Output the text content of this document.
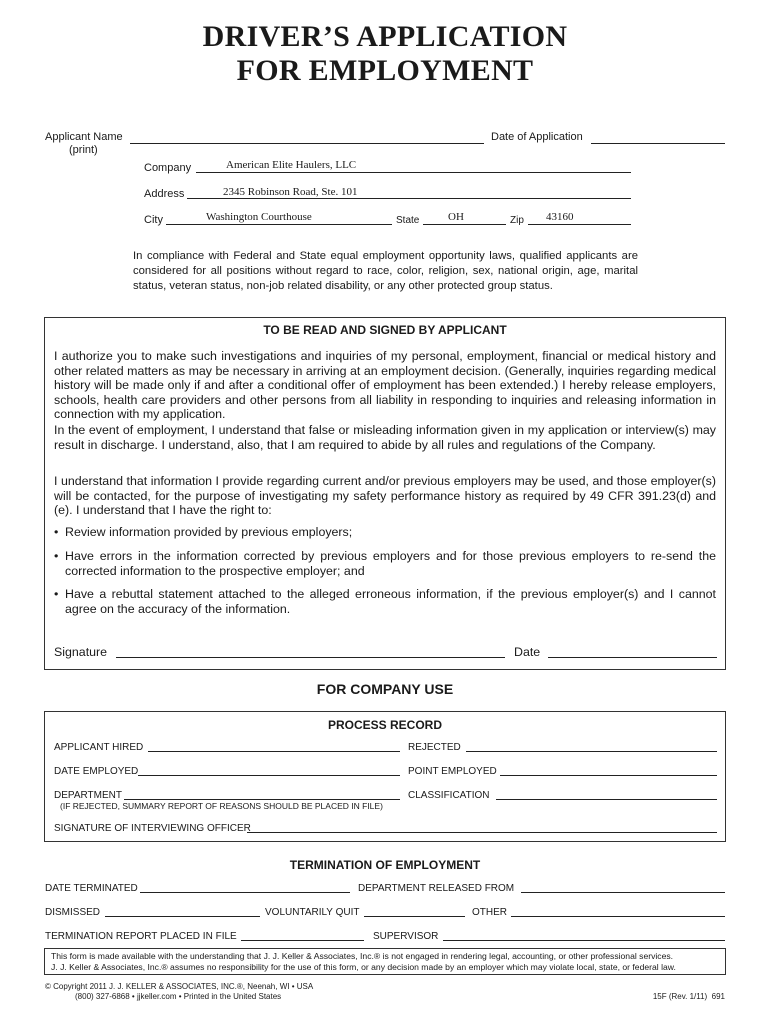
DRIVER’S APPLICATION
FOR EMPLOYMENT
Applicant Name
(print)
Date of Application
Company	American Elite Haulers, LLC
Address	2345 Robinson Road, Ste. 101
City	Washington Courthouse	State	OH	Zip 43160
In compliance with Federal and State equal employment opportunity laws, qualified applicants are considered for all positions without regard to race, color, religion, sex, national origin, age, marital status, veteran status, non-job related disability, or any other protected group status.
TO BE READ AND SIGNED BY APPLICANT
I authorize you to make such investigations and inquiries of my personal, employment, financial or medical history and other related matters as may be necessary in arriving at an employment decision. (Generally, inquiries regarding medical history will be made only if and after a conditional offer of employment has been extended.) I hereby release employers, schools, health care providers and other persons from all liability in responding to inquiries and releasing information in connection with my application.
In the event of employment, I understand that false or misleading information given in my application or interview(s) may result in discharge. I understand, also, that I am required to abide by all rules and regulations of the Company.
I understand that information I provide regarding current and/or previous employers may be used, and those employer(s) will be contacted, for the purpose of investigating my safety performance history as required by 49 CFR 391.23(d) and (e). I understand that I have the right to:
• Review information provided by previous employers;
• Have errors in the information corrected by previous employers and for those previous employers to re-send the corrected information to the prospective employer; and
• Have a rebuttal statement attached to the alleged erroneous information, if the previous employer(s) and I cannot agree on the accuracy of the information.
Signature	Date
FOR COMPANY USE
PROCESS RECORD
APPLICANT HIRED	REJECTED
DATE EMPLOYED	POINT EMPLOYED
DEPARTMENT	CLASSIFICATION
(IF REJECTED, SUMMARY REPORT OF REASONS SHOULD BE PLACED IN FILE)
SIGNATURE OF INTERVIEWING OFFICER
TERMINATION OF EMPLOYMENT
DATE TERMINATED	DEPARTMENT RELEASED FROM
DISMISSED	VOLUNTARILY QUIT	OTHER
TERMINATION REPORT PLACED IN FILE	SUPERVISOR
This form is made available with the understanding that J. J. Keller & Associates, Inc.® is not engaged in rendering legal, accounting, or other professional services.
J. J. Keller & Associates, Inc.® assumes no responsibility for the use of this form, or any decision made by an employer which may violate local, state, or federal law.
© Copyright 2011 J. J. KELLER & ASSOCIATES, INC.®, Neenah, WI • USA
(800) 327-6868 • jjkeller.com • Printed in the United States	15F (Rev. 1/11)  691
